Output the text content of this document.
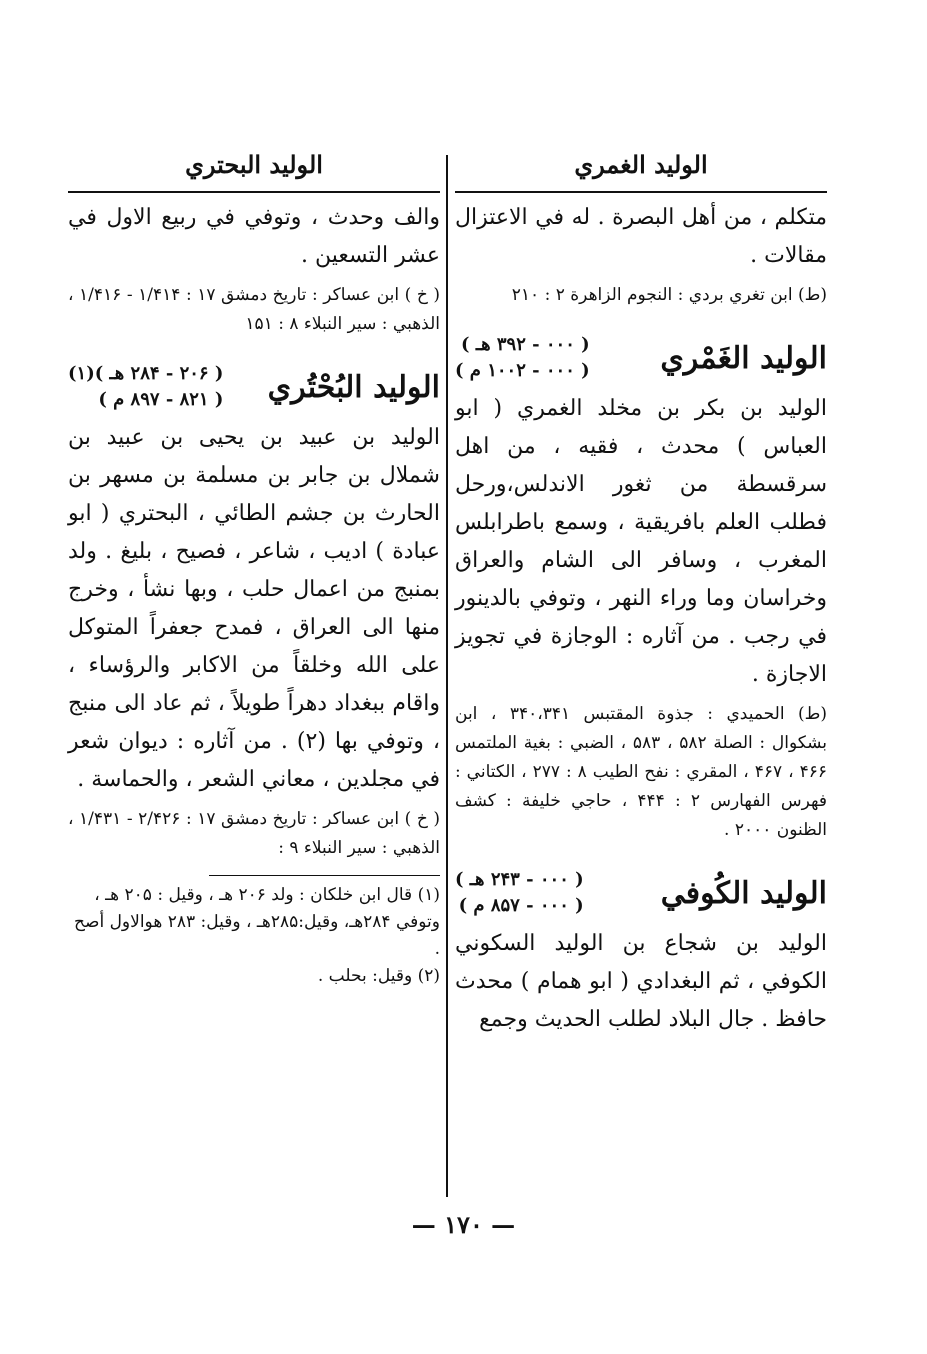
الوليد الغمري

متكلم ، من أهل البصرة . له في الاعتزال مقالات .

(ط) ابن تغري بردي : النجوم الزاهرة ۲ : ۲۱۰

الوليد الغَمْري
( ۰۰۰ - ۳۹۲ هـ )
( ۰۰۰ - ۱۰۰۲ م )

الوليد بن بكر بن مخلد الغمري ( ابو العباس ) محدث ، فقيه ، من اهل سرقسطة من ثغور الاندلس،ورحل فطلب العلم بافريقية ، وسمع باطرابلس المغرب ، وسافر الى الشام والعراق وخراسان وما وراء النهر ، وتوفي بالدينور في رجب . من آثاره : الوجازة في تجويز الاجازة .

(ط) الحميدي : جذوة المقتبس ۳۴۰،۳۴۱ ، ابن بشكوال : الصلة ۵۸۲ ، ۵۸۳ ، الضبي : بغية الملتمس ۴۶۶ ، ۴۶۷ ، المقري : نفح الطيب ۸ : ۲۷۷ ، الكتاني : فهرس الفهارس ۲ : ۴۴۴ ، حاجي خليفة : كشف الظنون ۲۰۰۰ .

الوليد الكُوفي
( ۰۰۰ - ۲۴۳ هـ )
( ۰۰۰ - ۸۵۷ م )

الوليد بن شجاع بن الوليد السكوني الكوفي ، ثم البغدادي ( ابو همام ) محدث حافظ . جال البلاد لطلب الحديث وجمع

الوليد البحتري

والف وحدث ، وتوفي في ربيع الاول في عشر التسعين .

( خ ) ابن عساكر : تاريخ دمشق ۱۷ : ۱/۴۱۴ - ۱/۴۱۶ ، الذهبي : سير النبلاء ۸ : ۱۵۱

الوليد البُحْتُري
( ۲۰۶ - ۲۸۴ هـ )(۱)
( ۸۲۱ - ۸۹۷ م )

الوليد بن عبيد بن يحيى بن عبيد بن شملال بن جابر بن مسلمة بن مسهر بن الحارث بن جشم الطائي ، البحتري ( ابو عبادة ) اديب ، شاعر ، فصيح ، بليغ . ولد بمنبج من اعمال حلب ، وبها نشأ ، وخرج منها الى العراق ، فمدح جعفراً المتوكل على الله وخلقاً من الاكابر والرؤساء ، واقام ببغداد دهراً طويلاً ، ثم عاد الى منبج ، وتوفي بها (۲) . من آثاره : ديوان شعر في مجلدين ، معاني الشعر ، والحماسة .

( خ ) ابن عساكر : تاريخ دمشق ۱۷ : ۲/۴۲۶ - ۱/۴۳۱ ، الذهبي : سير النبلاء ۹ :

(۱) قال ابن خلكان : ولد ۲۰۶ هـ ، وقيل : ۲۰۵ هـ ، وتوفي ۲۸۴هـ، وقيل:۲۸۵هـ ، وقيل: ۲۸۳ هوالاول أصح .

(۲) وقيل: بحلب .

— ۱۷۰ —
